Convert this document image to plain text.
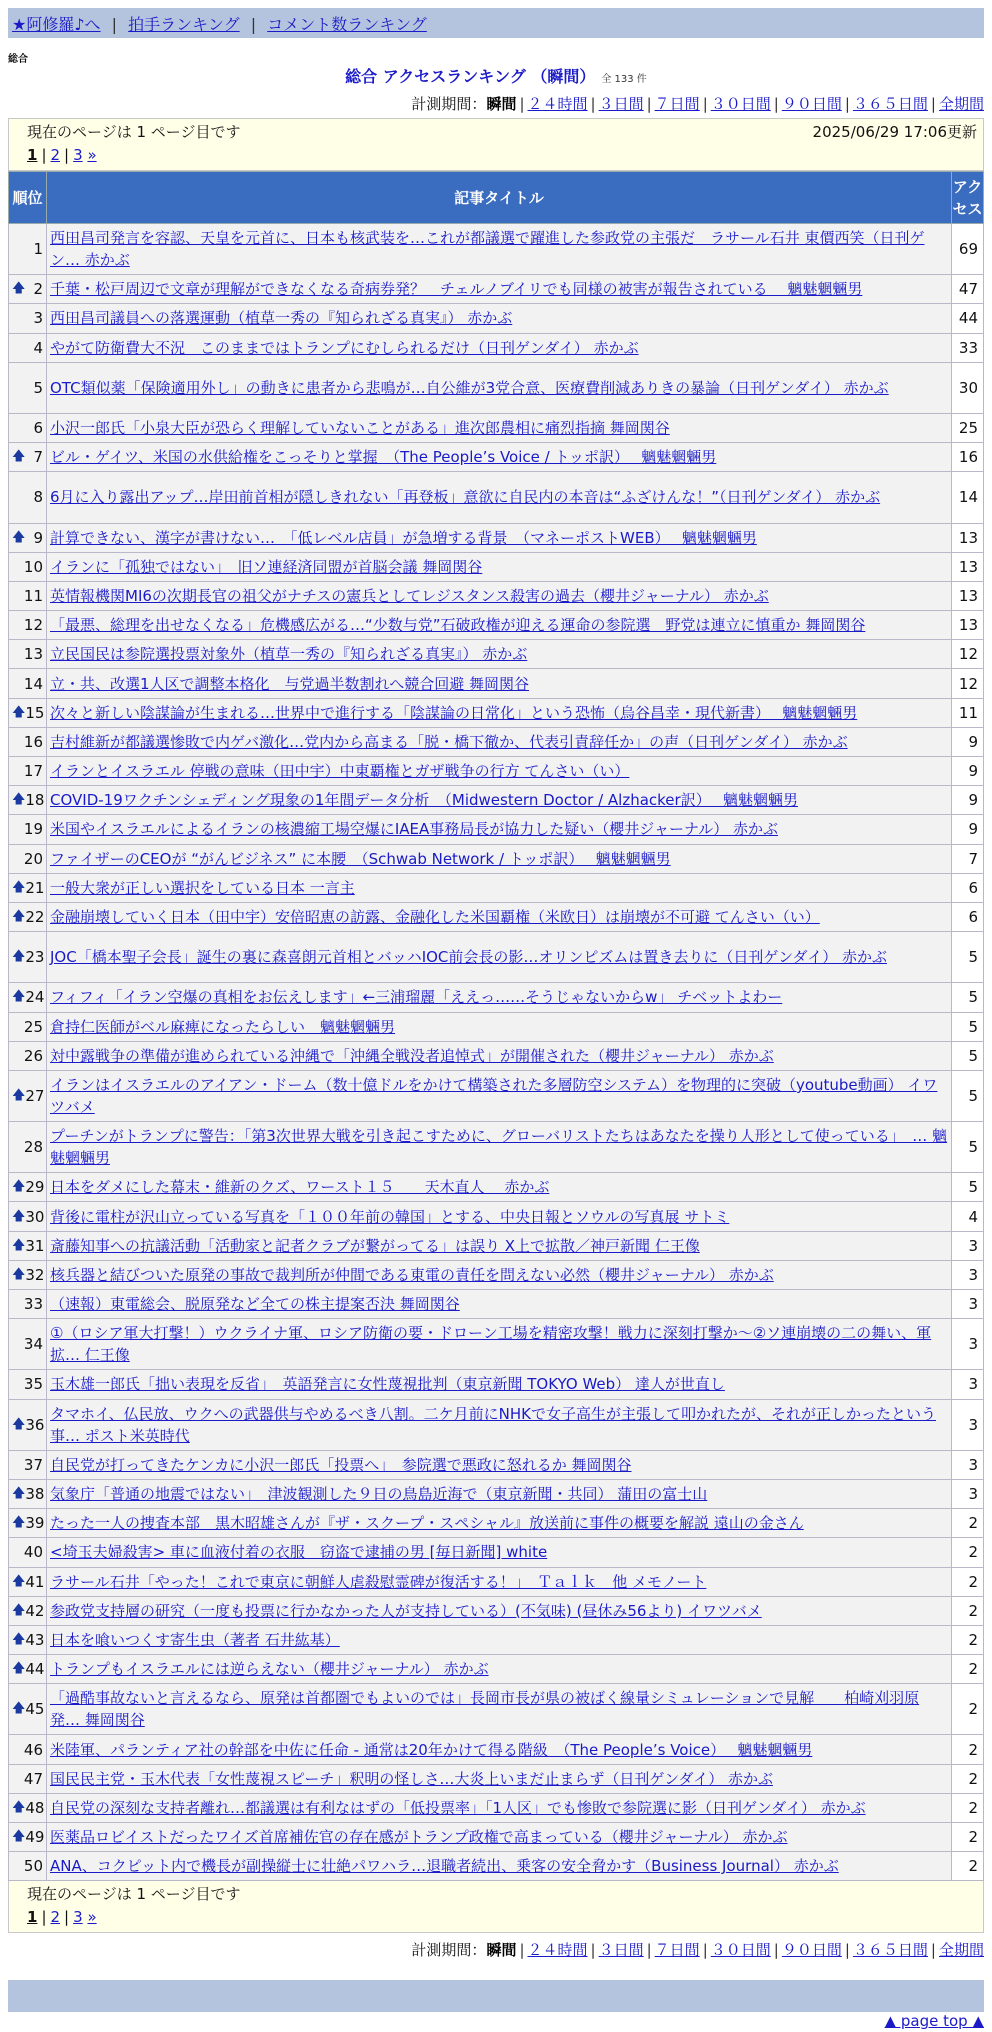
★阿修羅♪へ | 拍手ランキング | コメント数ランキング
総合
総合 アクセスランキング （瞬間） 全 133 件
計測期間：瞬間 | ２４時間 | ３日間 | ７日間 | ３０日間 | ９０日間 | ３６５日間 | 全期間
現在のページは 1 ページ目です	2025/06/29 17:06更新
1 | 2 | 3 »
順位	記事タイトル	アクセス
1	西田昌司発言を容認、天皇を元首に、日本も核武装を…これが都議選で躍進した参政党の主張だ　ラサール石井 東價西笑（日刊ゲン… 赤かぶ	69

🡅 2	千葉・松戸周辺で文章が理解ができなくなる奇病券発？　チェルノブイリでも同様の被害が報告されている　 魑魅魍魎男	47
3	西田昌司議員への落選運動（植草一秀の『知られざる真実』） 赤かぶ	44
4	やがて防衛費大不況　このままではトランプにむしられるだけ（日刊ゲンダイ） 赤かぶ	33
5	OTC類似薬「保険適用外し」の動きに患者から悲鳴が…自公維が3党合意、医療費削減ありきの暴論（日刊ゲンダイ） 赤かぶ	30
6	小沢一郎氏「小泉大臣が恐らく理解していないことがある」進次郎農相に痛烈指摘 舞岡関谷	25

🡅 7	ビル・ゲイツ、米国の水供給権をこっそりと掌握　（The People’s Voice / トッポ訳）　 魑魅魍魎男	16
8	6月に入り露出アップ…岸田前首相が隠しきれない「再登板」意欲に自民内の本音は“ふざけんな！”（日刊ゲンダイ） 赤かぶ	14

🡅 9	計算できない、漢字が書けない…　「低レベル店員」が急増する背景　（マネーポストWEB）　 魑魅魍魎男	13
10	イランに「孤独ではない」　旧ソ連経済同盟が首脳会議 舞岡関谷	13
11	英情報機関MI6の次期長官の祖父がナチスの憲兵としてレジスタンス殺害の過去（櫻井ジャーナル） 赤かぶ	13
12	「最悪、総理を出せなくなる」危機感広がる…“少数与党”石破政権が迎える運命の参院選　野党は連立に慎重か 舞岡関谷	13
13	立民国民は参院選投票対象外（植草一秀の『知られざる真実』） 赤かぶ	12
14	立・共、改選1人区で調整本格化　与党過半数割れへ競合回避 舞岡関谷	12

🡅 15	次々と新しい陰謀論が生まれる…世界中で進行する「陰謀論の日常化」という恐怖（烏谷昌幸・現代新書）　 魑魅魍魎男	11
16	吉村維新が都議選惨敗で内ゲバ激化…党内から高まる「脱・橋下徹か、代表引責辞任か」の声（日刊ゲンダイ） 赤かぶ	9
17	イランとイスラエル 停戦の意味（田中宇）中東覇権とガザ戦争の行方 てんさい（い）	9

🡅 18	COVID-19ワクチンシェディング現象の1年間データ分析　（Midwestern Doctor / Alzhacker訳）　 魑魅魍魎男	9
19	米国やイスラエルによるイランの核濃縮工場空爆にIAEA事務局長が協力した疑い（櫻井ジャーナル） 赤かぶ	9
20	ファイザーのCEOが “がんビジネス” に本腰　（Schwab Network / トッポ訳）　 魑魅魍魎男	7

🡅 21	一般大衆が正しい選択をしている日本 一言主	6

🡅 22	金融崩壊していく日本（田中宇）安倍昭恵の訪露、金融化した米国覇権（米欧日）は崩壊が不可避 てんさい（い）	6

🡅 23	JOC「橋本聖子会長」誕生の裏に森喜朗元首相とバッハIOC前会長の影…オリンピズムは置き去りに（日刊ゲンダイ） 赤かぶ	5

🡅 24	フィフィ「イラン空爆の真相をお伝えします」←三浦瑠麗「ええっ……そうじゃないからw」 チベットよわー	5
25	倉持仁医師がベル麻痺になったらしい　魑魅魍魎男	5
26	対中露戦争の準備が進められている沖縄で「沖縄全戦没者追悼式」が開催された（櫻井ジャーナル） 赤かぶ	5

🡅 27	イランはイスラエルのアイアン・ドーム（数十億ドルをかけて構築された多層防空システム）を物理的に突破（youtube動画） イワツバメ	5
28	プーチンがトランプに警告：「第3次世界大戦を引き起こすために、グローバリストたちはあなたを操り人形として使っている」　… 魑魅魍魎男	5

🡅 29	日本をダメにした幕末・維新のクズ、ワースト１５　　天木直人　 赤かぶ	5

🡅 30	背後に電柱が沢山立っている写真を「１００年前の韓国」とする、中央日報とソウルの写真展 サトミ	4

🡅 31	斎藤知事への抗議活動「活動家と記者クラブが繋がってる」は誤り X上で拡散／神戸新聞 仁王像	3

🡅 32	核兵器と結びついた原発の事故で裁判所が仲間である東電の責任を問えない必然（櫻井ジャーナル） 赤かぶ	3
33	（速報）東電総会、脱原発など全ての株主提案否決 舞岡関谷	3
34	①（ロシア軍大打撃！）ウクライナ軍、ロシア防衛の要・ドローン工場を精密攻撃！戦力に深刻打撃か～②ソ連崩壊の二の舞い、軍拡… 仁王像	3
35	玉木雄一郎氏「拙い表現を反省」　英語発言に女性蔑視批判（東京新聞 TOKYO Web） 達人が世直し	3

🡅 36	タマホイ、仏民放、ウクへの武器供与やめるべき八割。二ケ月前にNHKで女子高生が主張して叩かれたが、それが正しかったという事… ポスト米英時代	3
37	自民党が打ってきたケンカに小沢一郎氏「投票へ」　参院選で悪政に怒れるか 舞岡関谷	3

🡅 38	気象庁「普通の地震ではない」　津波観測した９日の鳥島近海で（東京新聞・共同） 蒲田の富士山	3

🡅 39	たった一人の捜査本部　黒木昭雄さんが『ザ・スクープ・スペシャル』放送前に事件の概要を解説 遠山の金さん	2
40	<埼玉夫婦殺害> 車に血液付着の衣服　窃盗で逮捕の男 [毎日新聞] white	2

🡅 41	ラサール石井「やった！これで東京に朝鮮人虐殺慰霊碑が復活する！」　Ｔａｌｋ　他 メモノート	2

🡅 42	参政党支持層の研究（一度も投票に行かなかった人が支持している）(不気味) (昼休み56より) イワツバメ	2

🡅 43	日本を喰いつくす寄生虫（著者 石井紘基）	2

🡅 44	トランプもイスラエルには逆らえない（櫻井ジャーナル） 赤かぶ	2

🡅 45	「過酷事故ないと言えるなら、原発は首都圏でもよいのでは」長岡市長が県の被ばく線量シミュレーションで見解　　柏崎刈羽原発… 舞岡関谷	2
46	米陸軍、パランティア社の幹部を中佐に任命 - 通常は20年かけて得る階級　（The People’s Voice）　 魑魅魍魎男	2
47	国民民主党・玉木代表「女性蔑視スピーチ」釈明の怪しさ…大炎上いまだ止まらず（日刊ゲンダイ） 赤かぶ	2

🡅 48	自民党の深刻な支持者離れ…都議選は有利なはずの「低投票率」「1人区」でも惨敗で参院選に影（日刊ゲンダイ） 赤かぶ	2

🡅 49	医薬品ロビイストだったワイズ首席補佐官の存在感がトランプ政権で高まっている（櫻井ジャーナル） 赤かぶ	2
50	ANA、コクピット内で機長が副操縦士に壮絶パワハラ…退職者続出、乗客の安全脅かす（Business Journal） 赤かぶ	2
現在のページは 1 ページ目です
1 | 2 | 3 »
計測期間：瞬間 | ２４時間 | ３日間 | ７日間 | ３０日間 | ９０日間 | ３６５日間 | 全期間
▲ page top ▲
